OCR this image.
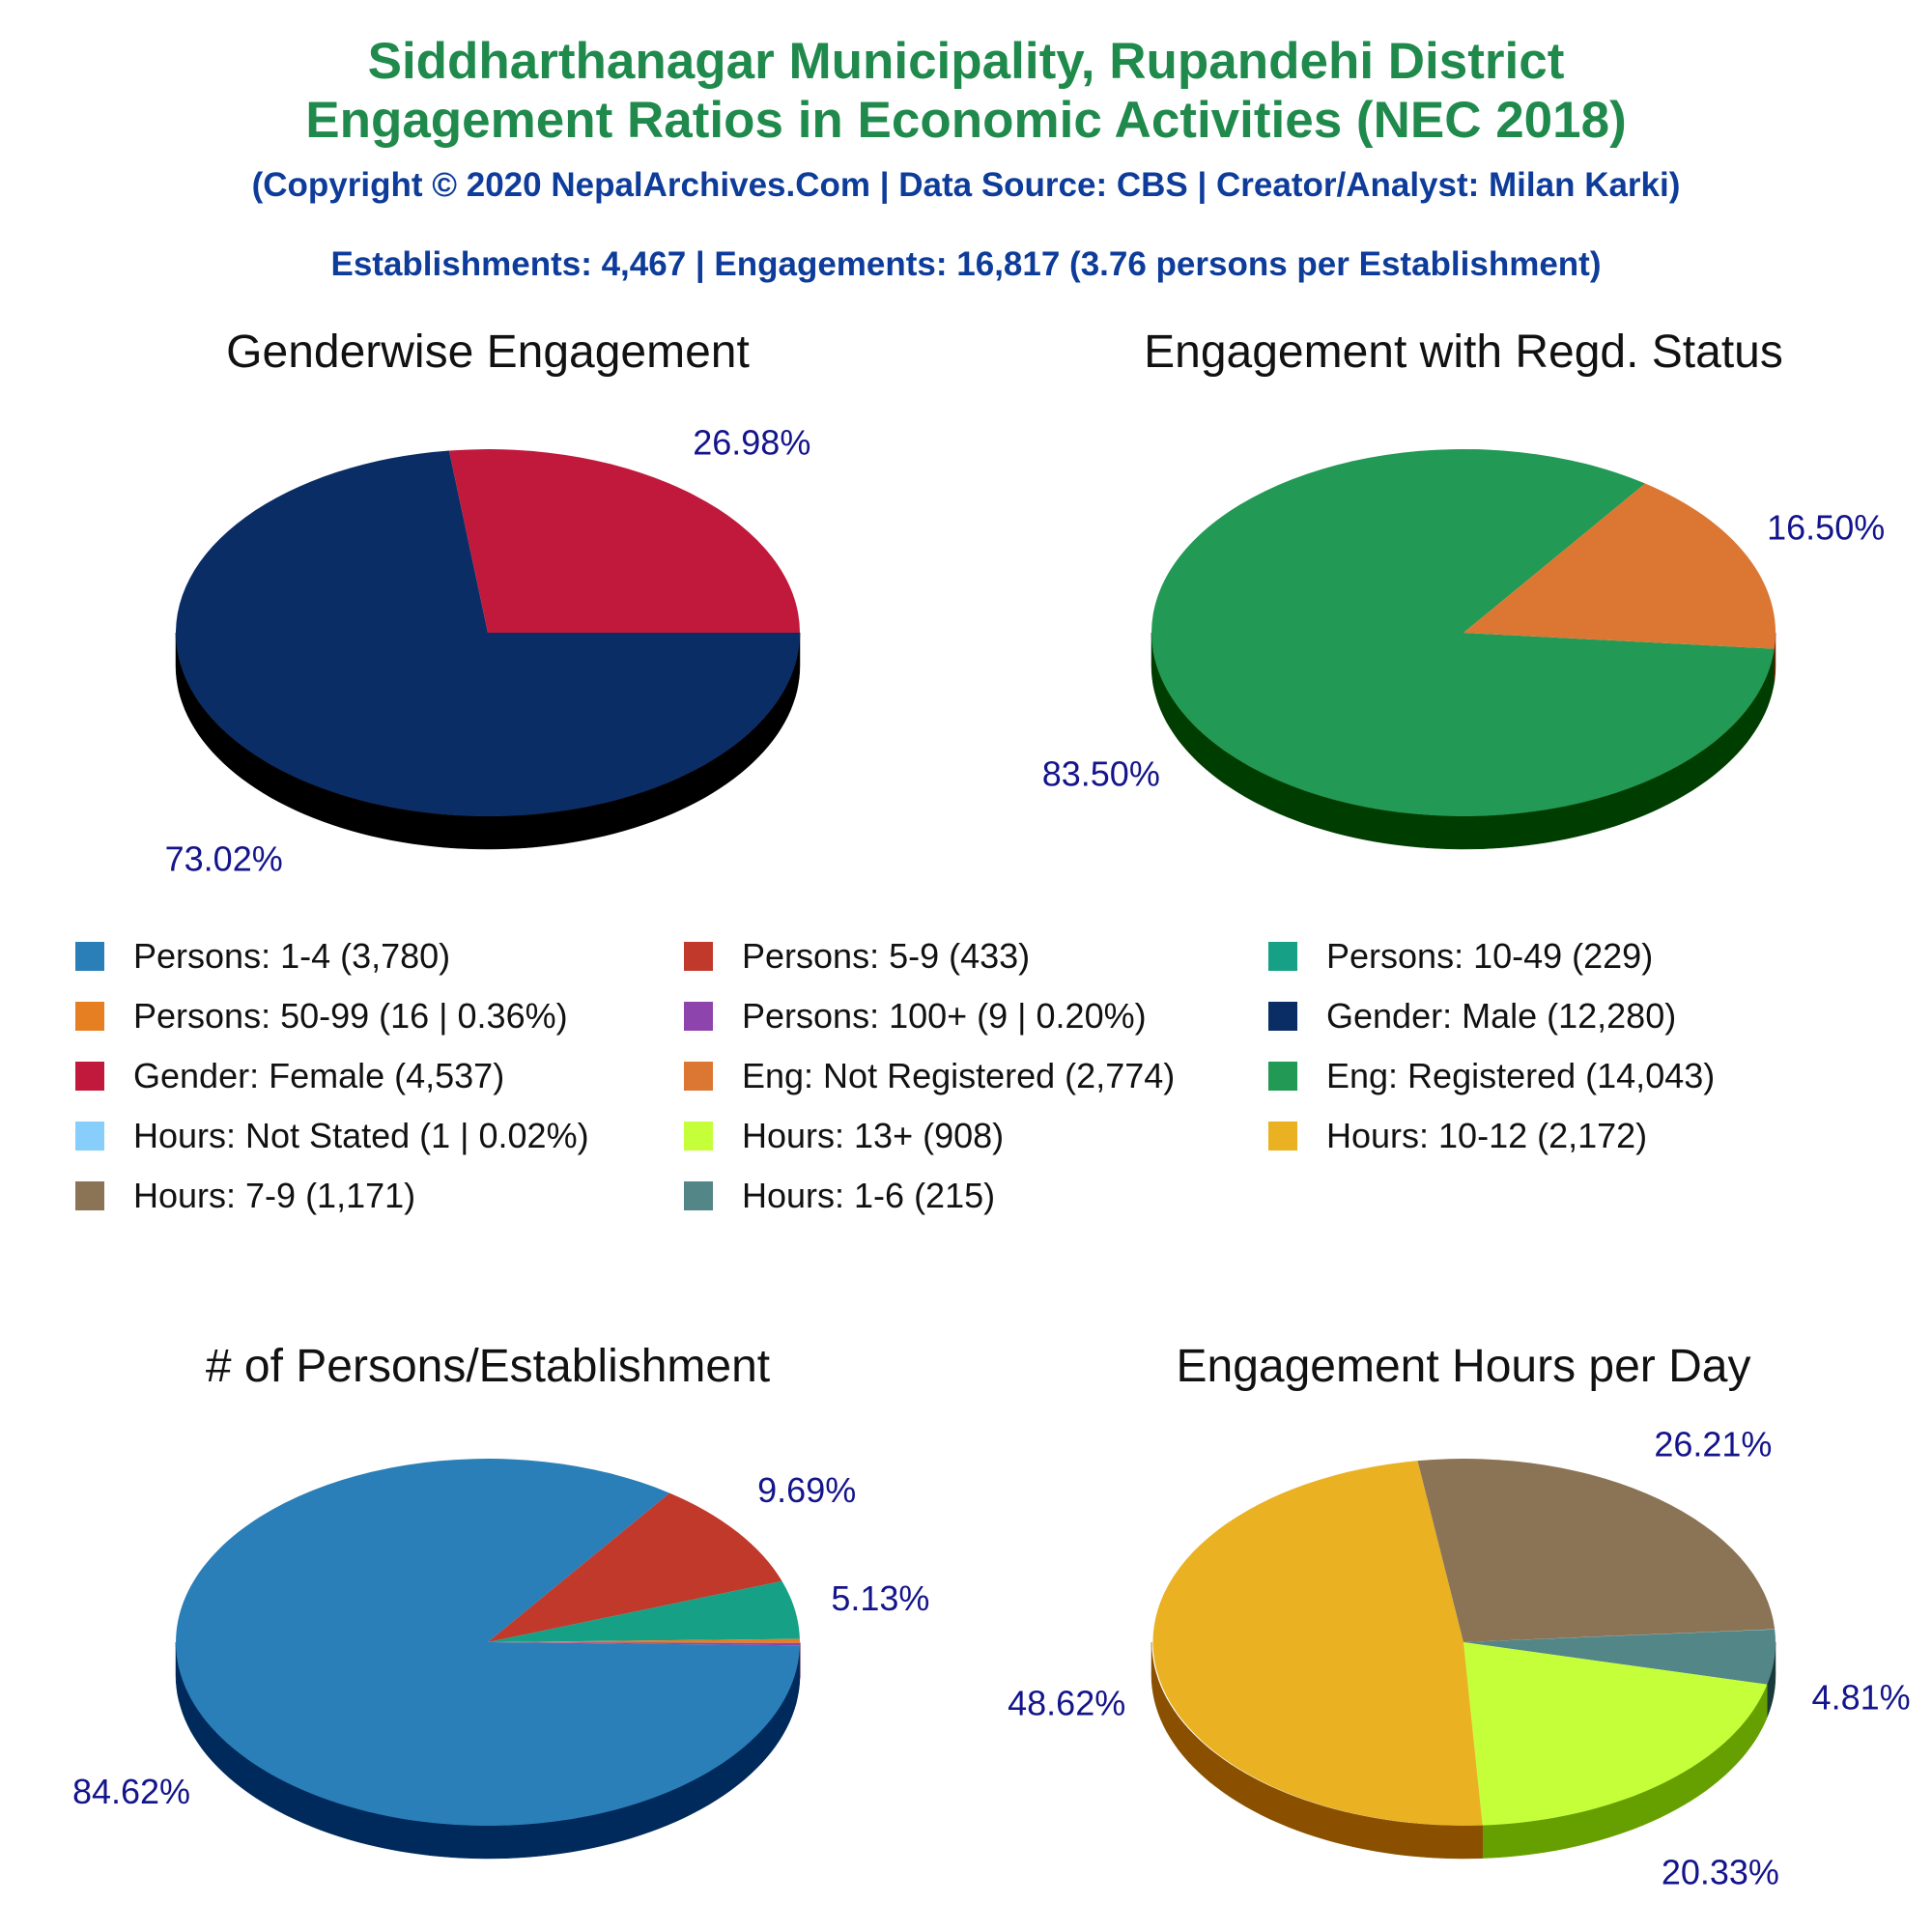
Siddharthanagar Municipality, Rupandehi District
Engagement Ratios in Economic Activities (NEC 2018)
(Copyright © 2020 NepalArchives.Com | Data Source: CBS | Creator/Analyst: Milan Karki)
Establishments: 4,467 | Engagements: 16,817 (3.76 persons per Establishment)
Genderwise Engagement
73.02%
26.98%
Engagement with Regd. Status
83.50%
16.50%
# of Persons/Establishment
84.62%
9.69%
5.13%
Engagement Hours per Day
4.81%
20.33%
48.62%
26.21%
Persons: 1-4 (3,780)	Persons: 5-9 (433)	Persons: 10-49 (229)
Persons: 50-99 (16 | 0.36%)	Persons: 100+ (9 | 0.20%)	Gender: Male (12,280)
Gender: Female (4,537)	Eng: Not Registered (2,774)	Eng: Registered (14,043)
Hours: Not Stated (1 | 0.02%)	Hours: 13+ (908)	Hours: 10-12 (2,172)
Hours: 7-9 (1,171)	Hours: 1-6 (215)
